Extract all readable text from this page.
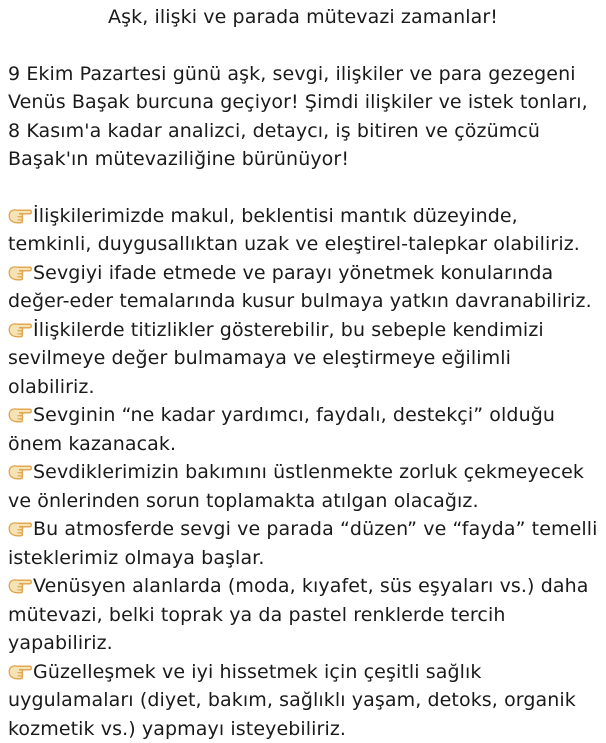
Aşk, ilişki ve parada mütevazi zamanlar!

9 Ekim Pazartesi günü aşk, sevgi, ilişkiler ve para gezegeni Venüs Başak burcuna geçiyor! Şimdi ilişkiler ve istek tonları, 8 Kasım'a kadar analizci, detaycı, iş bitiren ve çözümcü Başak'ın mütevaziliğine bürünüyor!

İlişkilerimizde makul, beklentisi mantık düzeyinde, temkinli, duygusallıktan uzak ve eleştirel-talepkar olabiliriz.
Sevgiyi ifade etmede ve parayı yönetmek konularında değer-eder temalarında kusur bulmaya yatkın davranabiliriz.
İlişkilerde titizlikler gösterebilir, bu sebeple kendimizi sevilmeye değer bulmamaya ve eleştirmeye eğilimli olabiliriz.
Sevginin “ne kadar yardımcı, faydalı, destekçi” olduğu önem kazanacak.
Sevdiklerimizin bakımını üstlenmekte zorluk çekmeyecek ve önlerinden sorun toplamakta atılgan olacağız.
Bu atmosferde sevgi ve parada “düzen” ve “fayda” temelli isteklerimiz olmaya başlar.
Venüsyen alanlarda (moda, kıyafet, süs eşyaları vs.) daha mütevazi, belki toprak ya da pastel renklerde tercih yapabiliriz.
Güzelleşmek ve iyi hissetmek için çeşitli sağlık uygulamaları (diyet, bakım, sağlıklı yaşam, detoks, organik kozmetik vs.) yapmayı isteyebiliriz.
